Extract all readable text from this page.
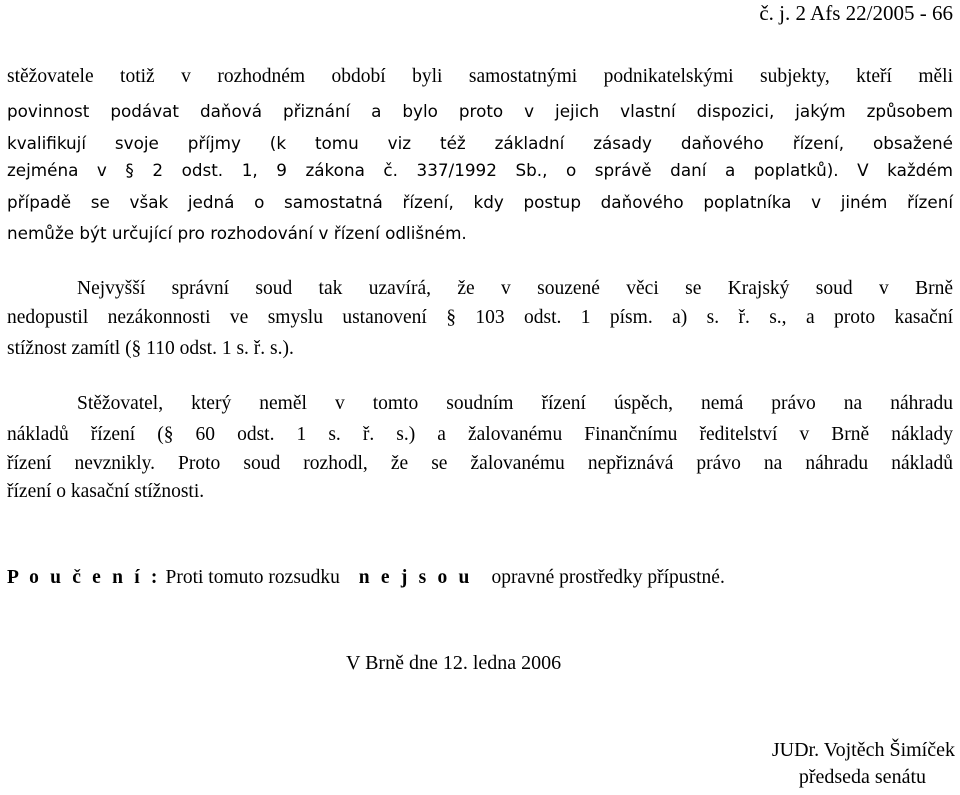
č. j. 2 Afs 22/2005 - 66
stěžovatele totiž v rozhodném období byli samostatnými podnikatelskými subjekty, kteří měli
povinnost podávat daňová přiznání a bylo proto v jejich vlastní dispozici, jakým způsobem
kvalifikují svoje příjmy (k tomu viz též základní zásady daňového řízení, obsažené
zejména v § 2 odst. 1, 9 zákona č. 337/1992 Sb., o správě daní a poplatků). V každém
případě se však jedná o samostatná řízení, kdy postup daňového poplatníka v jiném řízení
nemůže být určující pro rozhodování v řízení odlišném.
Nejvyšší správní soud tak uzavírá, že v souzené věci se Krajský soud v Brně
nedopustil nezákonnosti ve smyslu ustanovení § 103 odst. 1 písm. a) s. ř. s., a proto kasační
stížnost zamítl (§ 110 odst. 1 s. ř. s.).
Stěžovatel, který neměl v tomto soudním řízení úspěch, nemá právo na náhradu
nákladů řízení (§ 60 odst. 1 s. ř. s.) a žalovanému Finančnímu ředitelství v Brně náklady
řízení nevznikly. Proto soud rozhodl, že se žalovanému nepřiznává právo na náhradu nákladů
řízení o kasační stížnosti.
P o u č e n í : Proti tomuto rozsudku n e j s o u opravné prostředky přípustné.
V Brně dne 12. ledna 2006
JUDr. Vojtěch Šimíček
předseda senátu
